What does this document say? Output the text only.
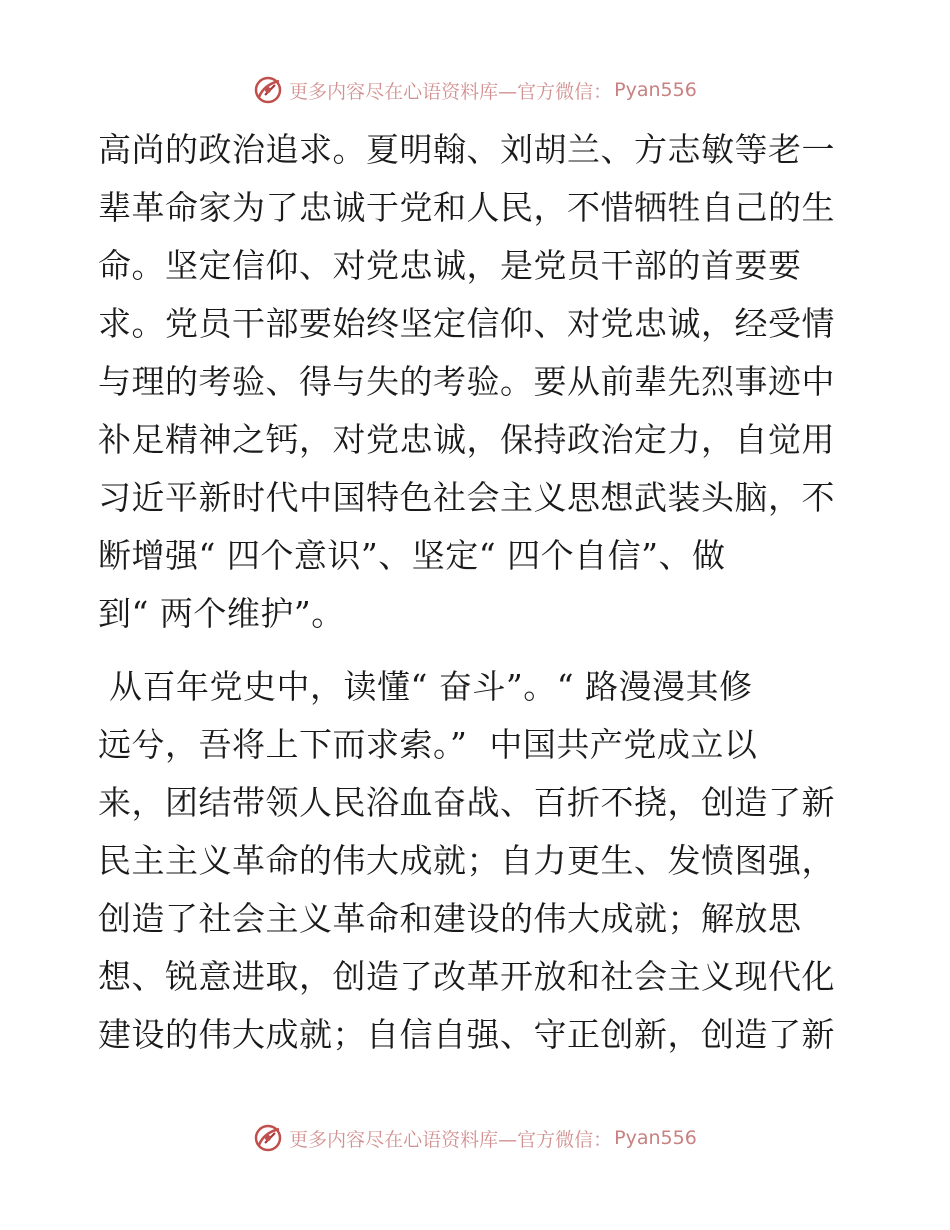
更多内容尽在心语资料库—官方微信： Pyan556
高尚的政治追求。夏明翰、刘胡兰、方志敏等老一
辈革命家为了忠诚于党和人民，不惜牺牲自己的生
命。坚定信仰、对党忠诚，是党员干部的首要要
求。党员干部要始终坚定信仰、对党忠诚，经受情
与理的考验、得与失的考验。要从前辈先烈事迹中
补足精神之钙，对党忠诚，保持政治定力，自觉用
习近平新时代中国特色社会主义思想武装头脑，不
断增强“ 四个意识”、坚定“ 四个自信”、做
到“ 两个维护”。
从百年党史中，读懂“ 奋斗”。“ 路漫漫其修
远兮，吾将上下而求索。”  中国共产党成立以
来，团结带领人民浴血奋战、百折不挠，创造了新
民主主义革命的伟大成就；自力更生、发愤图强，
创造了社会主义革命和建设的伟大成就；解放思
想、锐意进取，创造了改革开放和社会主义现代化
建设的伟大成就；自信自强、守正创新，创造了新
更多内容尽在心语资料库—官方微信： Pyan556
